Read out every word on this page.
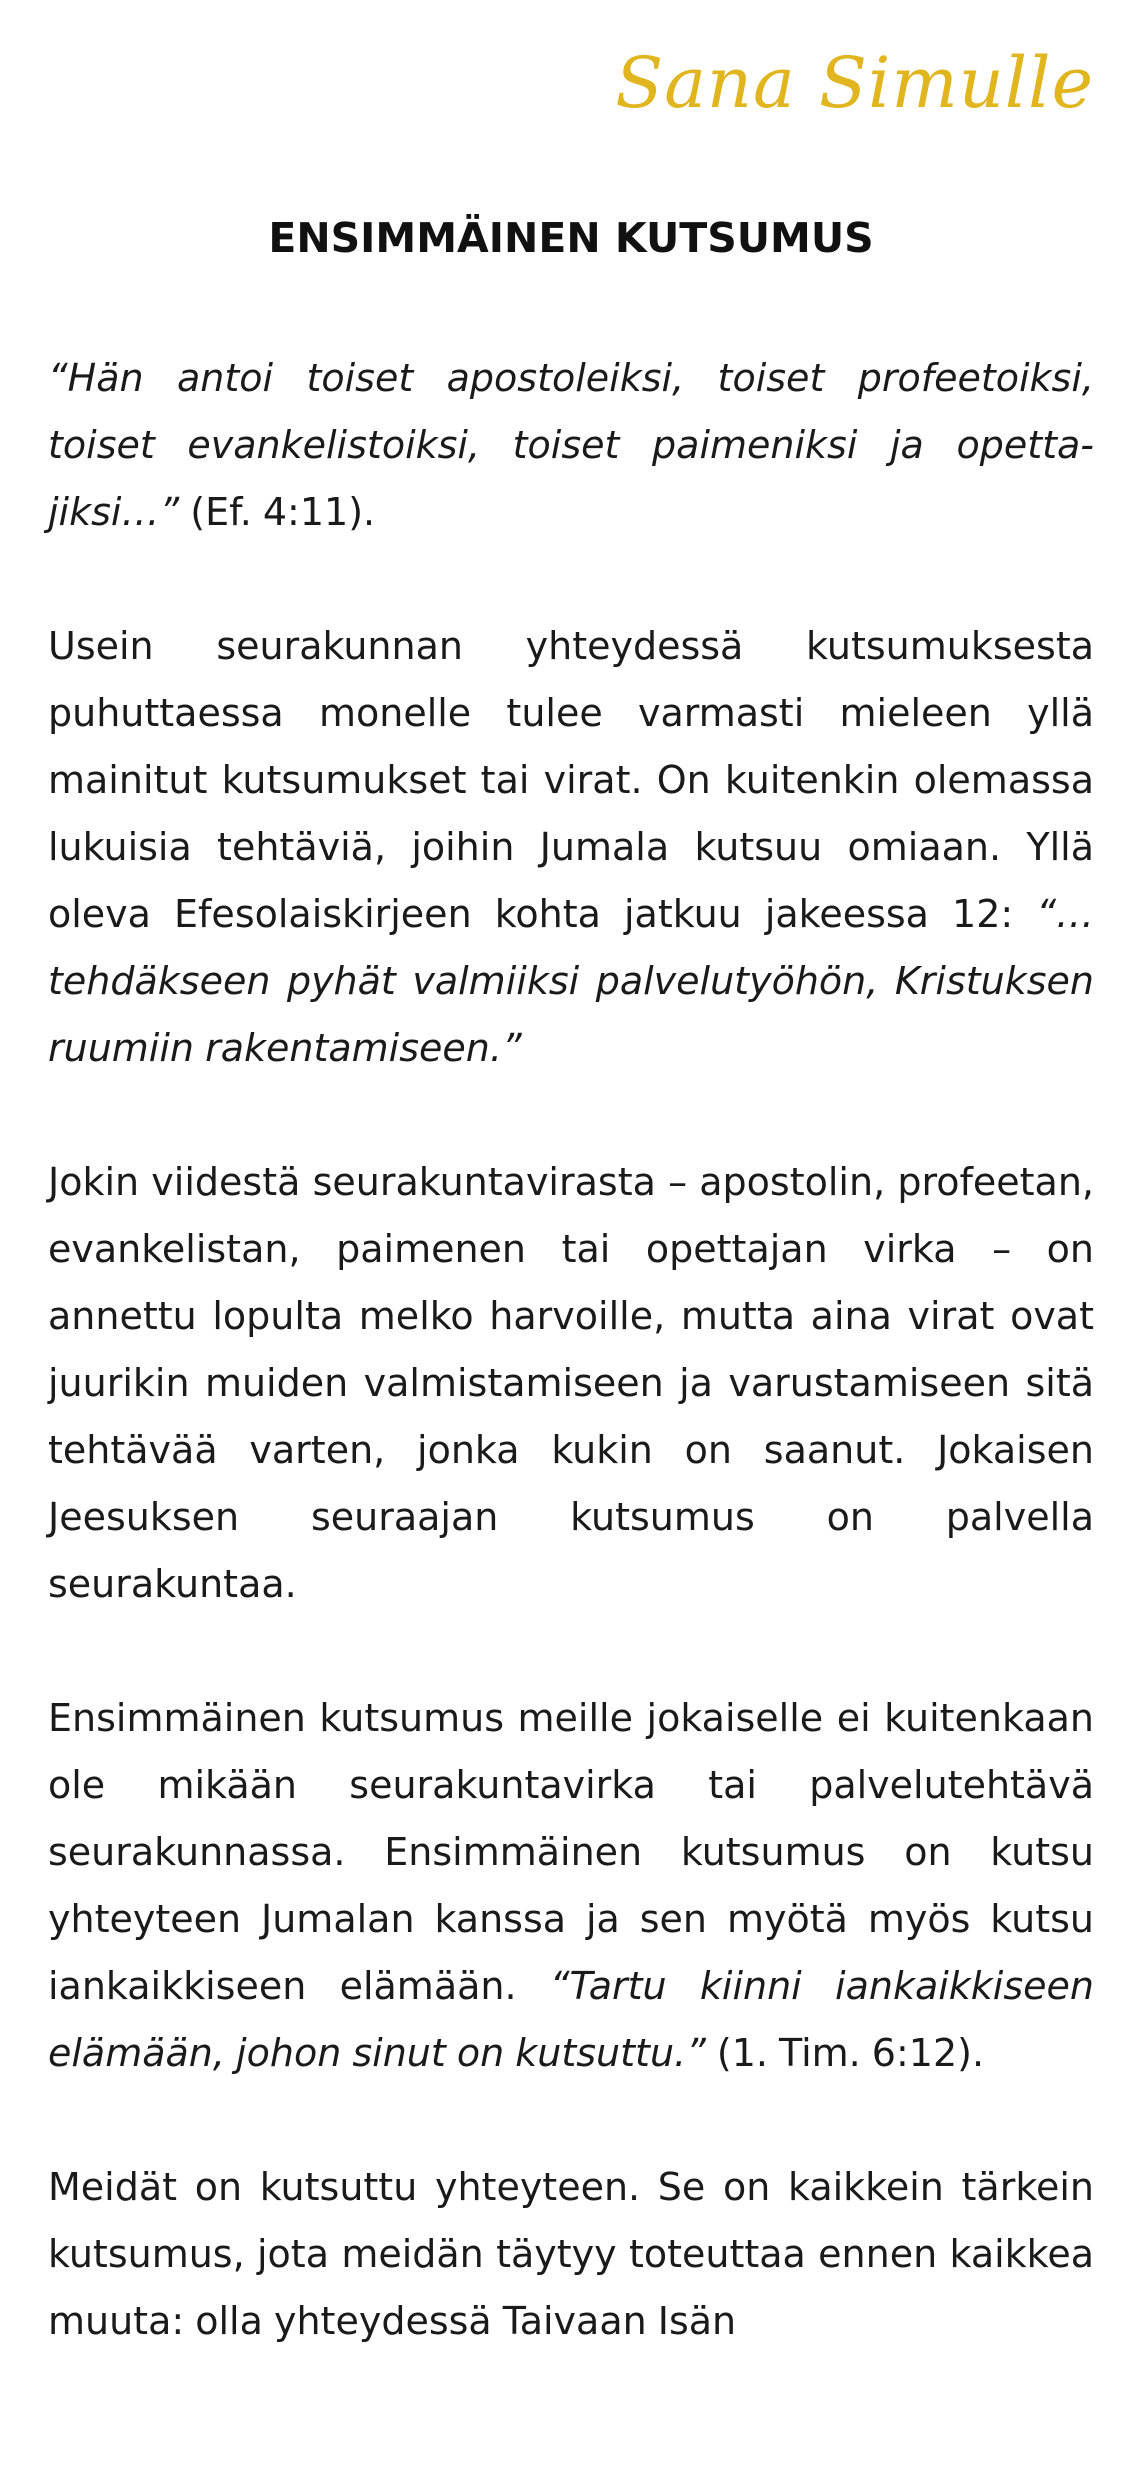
Sana Simulle
ENSIMMÄINEN KUTSUMUS

“Hän antoi toiset apostoleiksi, toiset profeetoiksi, toiset evankelistoiksi, toiset paimeniksi ja opettajiksi…” (Ef. 4:11).

Usein seurakunnan yhteydessä kutsumuksesta puhuttaessa monelle tulee varmasti mieleen yllä mainitut kutsumukset tai virat. On kuitenkin olemassa lukuisia tehtäviä, joihin Jumala kutsuu omiaan. Yllä oleva Efesolaiskirjeen kohta jatkuu jakeessa 12: “…tehdäkseen pyhät valmiiksi palvelutyöhön, Kristuksen ruumiin rakentamiseen.”

Jokin viidestä seurakuntavirasta – apostolin, profeetan, evankelistan, paimenen tai opettajan virka – on annettu lopulta melko harvoille, mutta aina virat ovat juurikin muiden valmistamiseen ja varustamiseen sitä tehtävää varten, jonka kukin on saanut. Jokaisen Jeesuksen seuraajan kutsumus on palvella seurakuntaa.

Ensimmäinen kutsumus meille jokaiselle ei kuitenkaan ole mikään seurakuntavirka tai palvelutehtävä seurakunnassa. Ensimmäinen kutsumus on kutsu yhteyteen Jumalan kanssa ja sen myötä myös kutsu iankaikkiseen elämään. “Tartu kiinni iankaikkiseen elämään, johon sinut on kutsuttu.” (1. Tim. 6:12).

Meidät on kutsuttu yhteyteen. Se on kaikkein tärkein kutsumus, jota meidän täytyy toteuttaa ennen kaikkea muuta: olla yhteydessä Taivaan Isän
